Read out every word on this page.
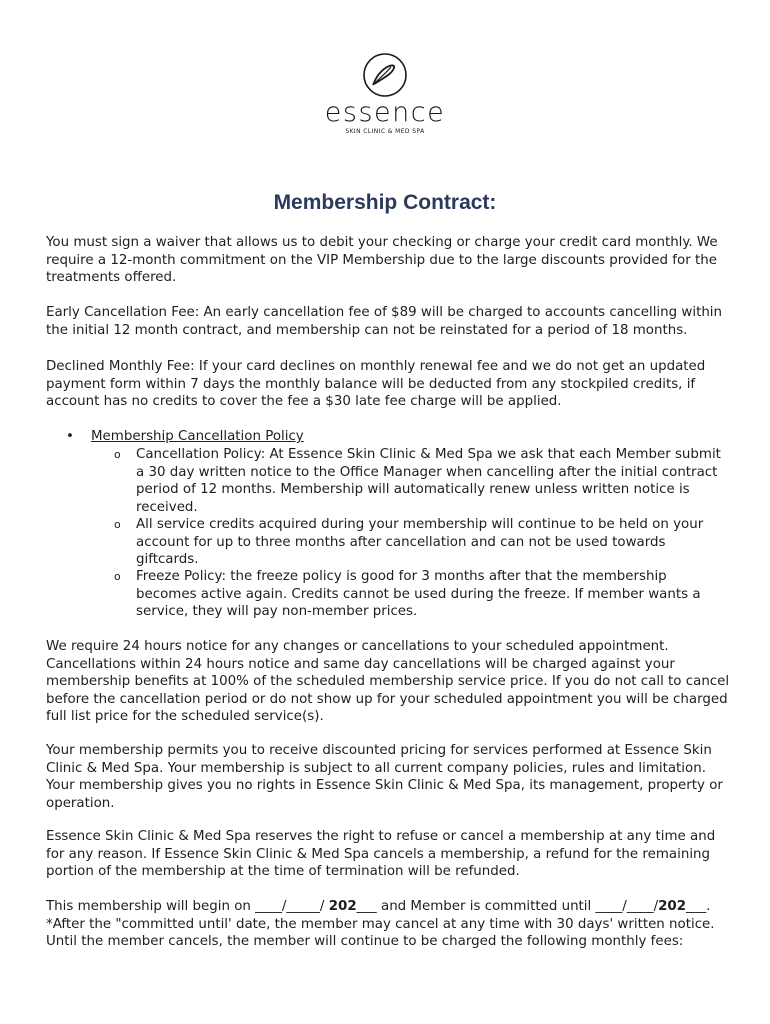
essence
SKIN CLINIC & MED SPA
Membership Contract:

You must sign a waiver that allows us to debit your checking or charge your credit card monthly. We require a 12-month commitment on the VIP Membership due to the large discounts provided for the treatments offered.

Early Cancellation Fee: An early cancellation fee of $89 will be charged to accounts cancelling within the initial 12 month contract, and membership can not be reinstated for a period of 18 months.

Declined Monthly Fee: If your card declines on monthly renewal fee and we do not get an updated payment form within 7 days the monthly balance will be deducted from any stockpiled credits, if account has no credits to cover the fee a $30 late fee charge will be applied.

• Membership Cancellation Policy
o Cancellation Policy: At Essence Skin Clinic & Med Spa we ask that each Member submit a 30 day written notice to the Office Manager when cancelling after the initial contract period of 12 months. Membership will automatically renew unless written notice is received.
o All service credits acquired during your membership will continue to be held on your account for up to three months after cancellation and can not be used towards giftcards.
o Freeze Policy: the freeze policy is good for 3 months after that the membership becomes active again. Credits cannot be used during the freeze. If member wants a service, they will pay non-member prices.

We require 24 hours notice for any changes or cancellations to your scheduled appointment. Cancellations within 24 hours notice and same day cancellations will be charged against your membership benefits at 100% of the scheduled membership service price. If you do not call to cancel before the cancellation period or do not show up for your scheduled appointment you will be charged full list price for the scheduled service(s).

Your membership permits you to receive discounted pricing for services performed at Essence Skin Clinic & Med Spa. Your membership is subject to all current company policies, rules and limitation. Your membership gives you no rights in Essence Skin Clinic & Med Spa, its management, property or operation.

Essence Skin Clinic & Med Spa reserves the right to refuse or cancel a membership at any time and for any reason. If Essence Skin Clinic & Med Spa cancels a membership, a refund for the remaining portion of the membership at the time of termination will be refunded.

This membership will begin on ____/_____/ 202___ and Member is committed until ____/____/202___. *After the "committed until' date, the member may cancel at any time with 30 days' written notice. Until the member cancels, the member will continue to be charged the following monthly fees:
